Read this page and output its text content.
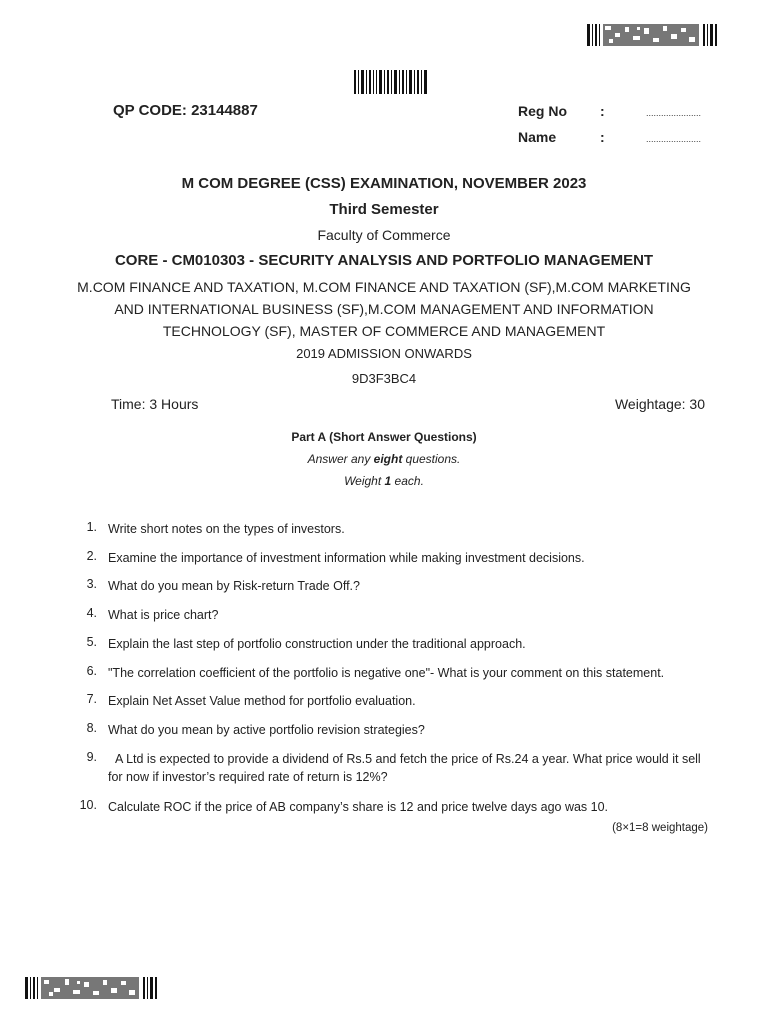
QP CODE: 23144887	Reg No :	......................
Name	:	......................
M COM DEGREE (CSS) EXAMINATION, NOVEMBER 2023
Third Semester
Faculty of Commerce
CORE - CM010303 - SECURITY ANALYSIS AND PORTFOLIO MANAGEMENT
M.COM FINANCE AND TAXATION, M.COM FINANCE AND TAXATION (SF),M.COM MARKETING AND INTERNATIONAL BUSINESS (SF),M.COM MANAGEMENT AND INFORMATION TECHNOLOGY (SF), MASTER OF COMMERCE AND MANAGEMENT
2019 ADMISSION ONWARDS
9D3F3BC4
Time: 3 Hours	Weightage: 30
Part A (Short Answer Questions)
Answer any eight questions.
Weight 1 each.
1. Write short notes on the types of investors.
2. Examine the importance of investment information while making investment decisions.
3. What do you mean by Risk-return Trade Off.?
4. What is price chart?
5. Explain the last step of portfolio construction under the traditional approach.
6. "The correlation coefficient of the portfolio is negative one"- What is your comment on this statement.
7. Explain Net Asset Value method for portfolio evaluation.
8. What do you mean by active portfolio revision strategies?
9. A Ltd is expected to provide a dividend of Rs.5 and fetch the price of Rs.24 a year. What price would it sell for now if investor’s required rate of return is 12%?
10. Calculate ROC if the price of AB company’s share is 12 and price twelve days ago was 10.
(8×1=8 weightage)
